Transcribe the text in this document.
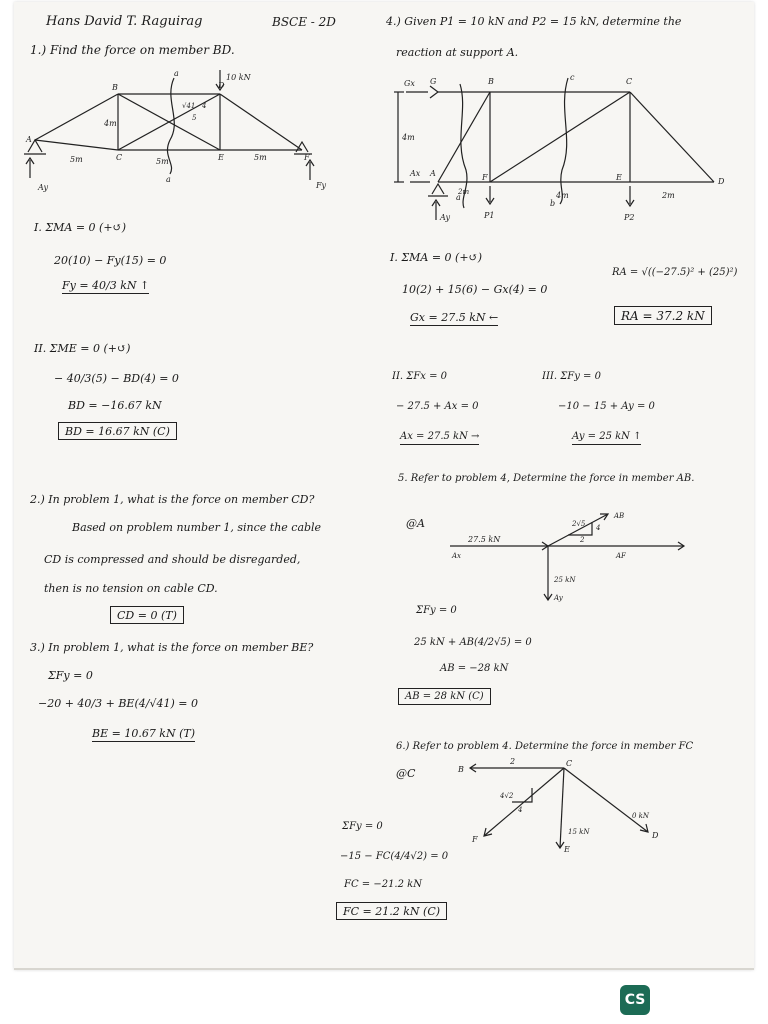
Hans David T. Raguirag	BSCE - 2D
1.) Find the force on member BD.
10 kN
A
B	D
C	E	F
a
a
4m
5m	5m	5m
√41 4
5
Ay	Fy
I. ΣMA = 0 (+↺)
20(10) − Fy(15) = 0
Fy = 40/3 kN ↑
II. ΣME = 0 (+↺)
− 40/3(5) − BD(4) = 0
BD = −16.67 kN
BD = 16.67 kN (C)
2.) In problem 1, what is the force on member CD?
Based on problem number 1, since the cable
CD is compressed and should be disregarded,
then is no tension on cable CD.
CD = 0 (T)
3.) In problem 1, what is the force on member BE?
ΣFy = 0
−20 + 40/3 + BE(4/√41) = 0
BE = 10.67 kN (T)
4.) Given P1 = 10 kN and P2 = 15 kN, determine the
reaction at support A.
Gx G	B	C
D
A
Ax
Ay
F	E
4m
2m	4m	2m
a
b
c
P1	P2
I. ΣMA = 0 (+↺)
10(2) + 15(6) − Gx(4) = 0
Gx = 27.5 kN ←
RA = √((−27.5)² + (25)²)
RA = 37.2 kN
II. ΣFx = 0
− 27.5 + Ax = 0
Ax = 27.5 kN →
III. ΣFy = 0
−10 − 15 + Ay = 0
Ay = 25 kN ↑
5. Refer to problem 4, Determine the force in member AB.
@A
27.5 kN
Ax	AF
AB
2√5 4
2
25 kN
Ay
ΣFy = 0
25 kN + AB(4/2√5) = 0
AB = −28 kN
AB = 28 kN (C)
6.) Refer to problem 4. Determine the force in member FC
@C	B
C
2
4√2
4
F
15 kN
E
0 kN
D
ΣFy = 0
−15 − FC(4/4√2) = 0
FC = −21.2 kN
FC = 21.2 kN (C)
CS
